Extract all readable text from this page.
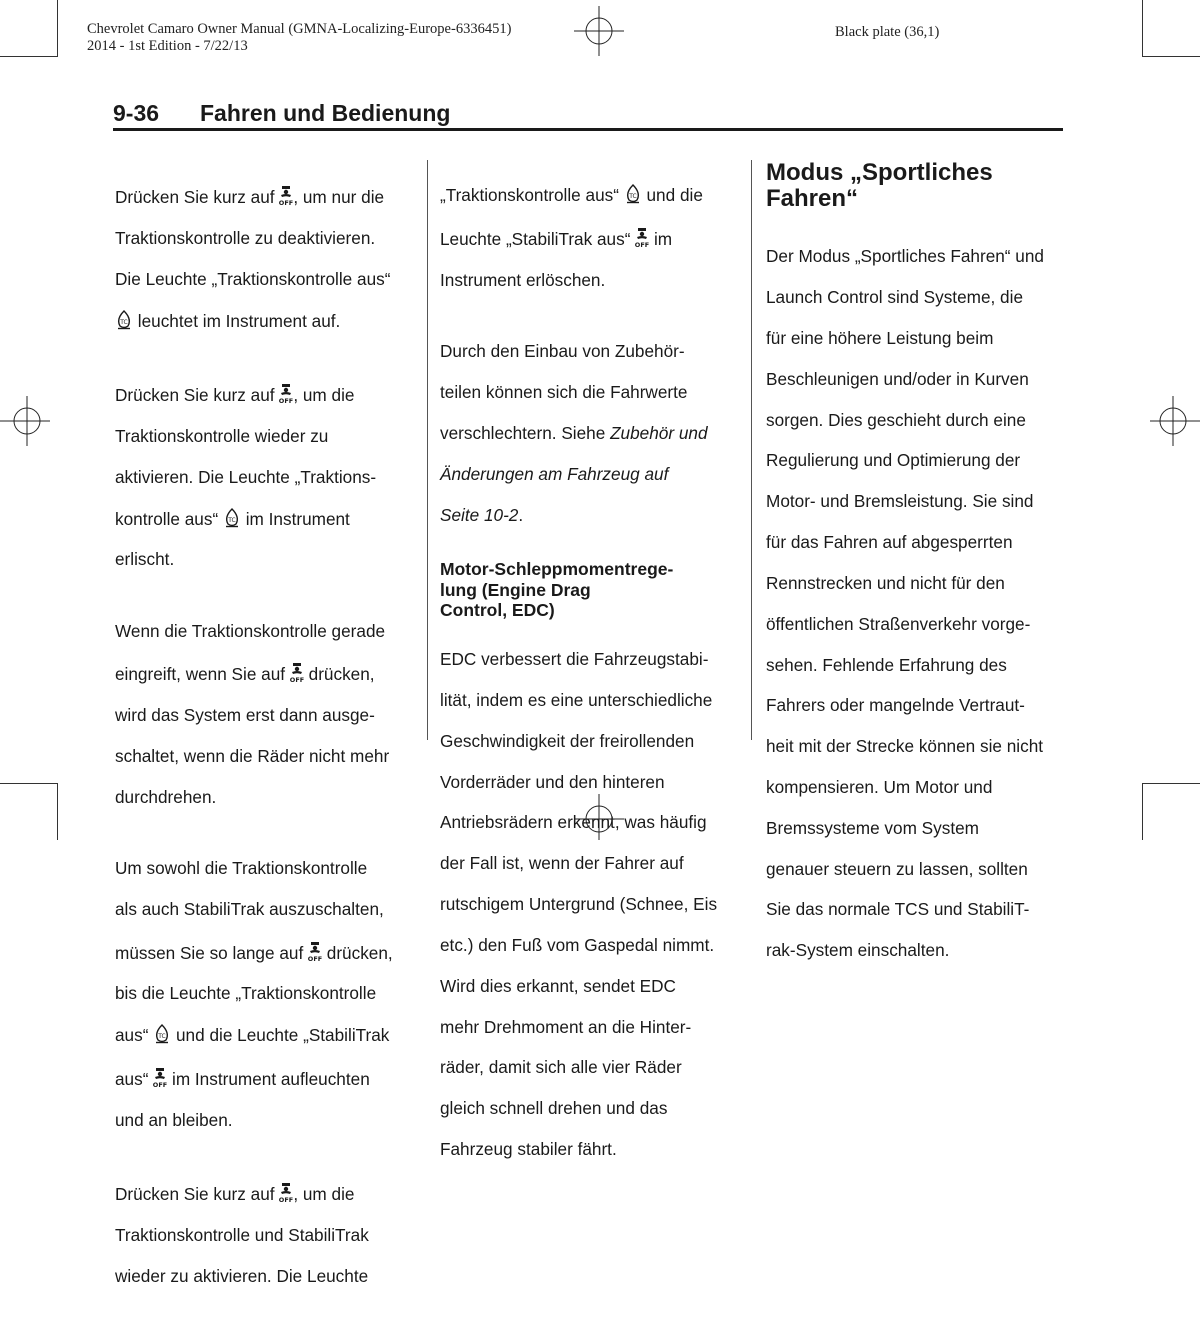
Chevrolet Camaro Owner Manual (GMNA-Localizing-Europe-6336451)
2014 - 1st Edition - 7/22/13
Black plate (36,1)
9-36 Fahren und Bedienung

Drücken Sie kurz auf , um nur die

Traktionskontrolle zu deaktivieren.

Die Leuchte „Traktionskontrolle aus“

leuchtet im Instrument auf.

Drücken Sie kurz auf , um die

Traktionskontrolle wieder zu

aktivieren. Die Leuchte „Traktions-

kontrolle aus“  im Instrument

erlischt.

Wenn die Traktionskontrolle gerade

eingreift, wenn Sie auf  drücken,

wird das System erst dann ausge-

schaltet, wenn die Räder nicht mehr

durchdrehen.

Um sowohl die Traktionskontrolle

als auch StabiliTrak auszuschalten,

müssen Sie so lange auf  drücken,

bis die Leuchte „Traktionskontrolle

aus“  und die Leuchte „StabiliTrak

aus“  im Instrument aufleuchten

und an bleiben.

Drücken Sie kurz auf , um die

Traktionskontrolle und StabiliTrak

wieder zu aktivieren. Die Leuchte

„Traktionskontrolle aus“  und die

Leuchte „StabiliTrak aus“  im

Instrument erlöschen.

Durch den Einbau von Zubehör-

teilen können sich die Fahrwerte

verschlechtern. Siehe Zubehör und

Änderungen am Fahrzeug auf

Seite 10-2.

Motor-Schleppmomentrege-
lung (Engine Drag
Control, EDC)

EDC verbessert die Fahrzeugstabi-

lität, indem es eine unterschiedliche

Geschwindigkeit der freirollenden

Vorderräder und den hinteren

Antriebsrädern erkennt, was häufig

der Fall ist, wenn der Fahrer auf

rutschigem Untergrund (Schnee, Eis

etc.) den Fuß vom Gaspedal nimmt.

Wird dies erkannt, sendet EDC

mehr Drehmoment an die Hinter-

räder, damit sich alle vier Räder

gleich schnell drehen und das

Fahrzeug stabiler fährt.

Modus „Sportliches
Fahren“

Der Modus „Sportliches Fahren“ und

Launch Control sind Systeme, die

für eine höhere Leistung beim

Beschleunigen und/oder in Kurven

sorgen. Dies geschieht durch eine

Regulierung und Optimierung der

Motor- und Bremsleistung. Sie sind

für das Fahren auf abgesperrten

Rennstrecken und nicht für den

öffentlichen Straßenverkehr vorge-

sehen. Fehlende Erfahrung des

Fahrers oder mangelnde Vertraut-

heit mit der Strecke können sie nicht

kompensieren. Um Motor und

Bremssysteme vom System

genauer steuern zu lassen, sollten

Sie das normale TCS und StabiliT-

rak-System einschalten.
